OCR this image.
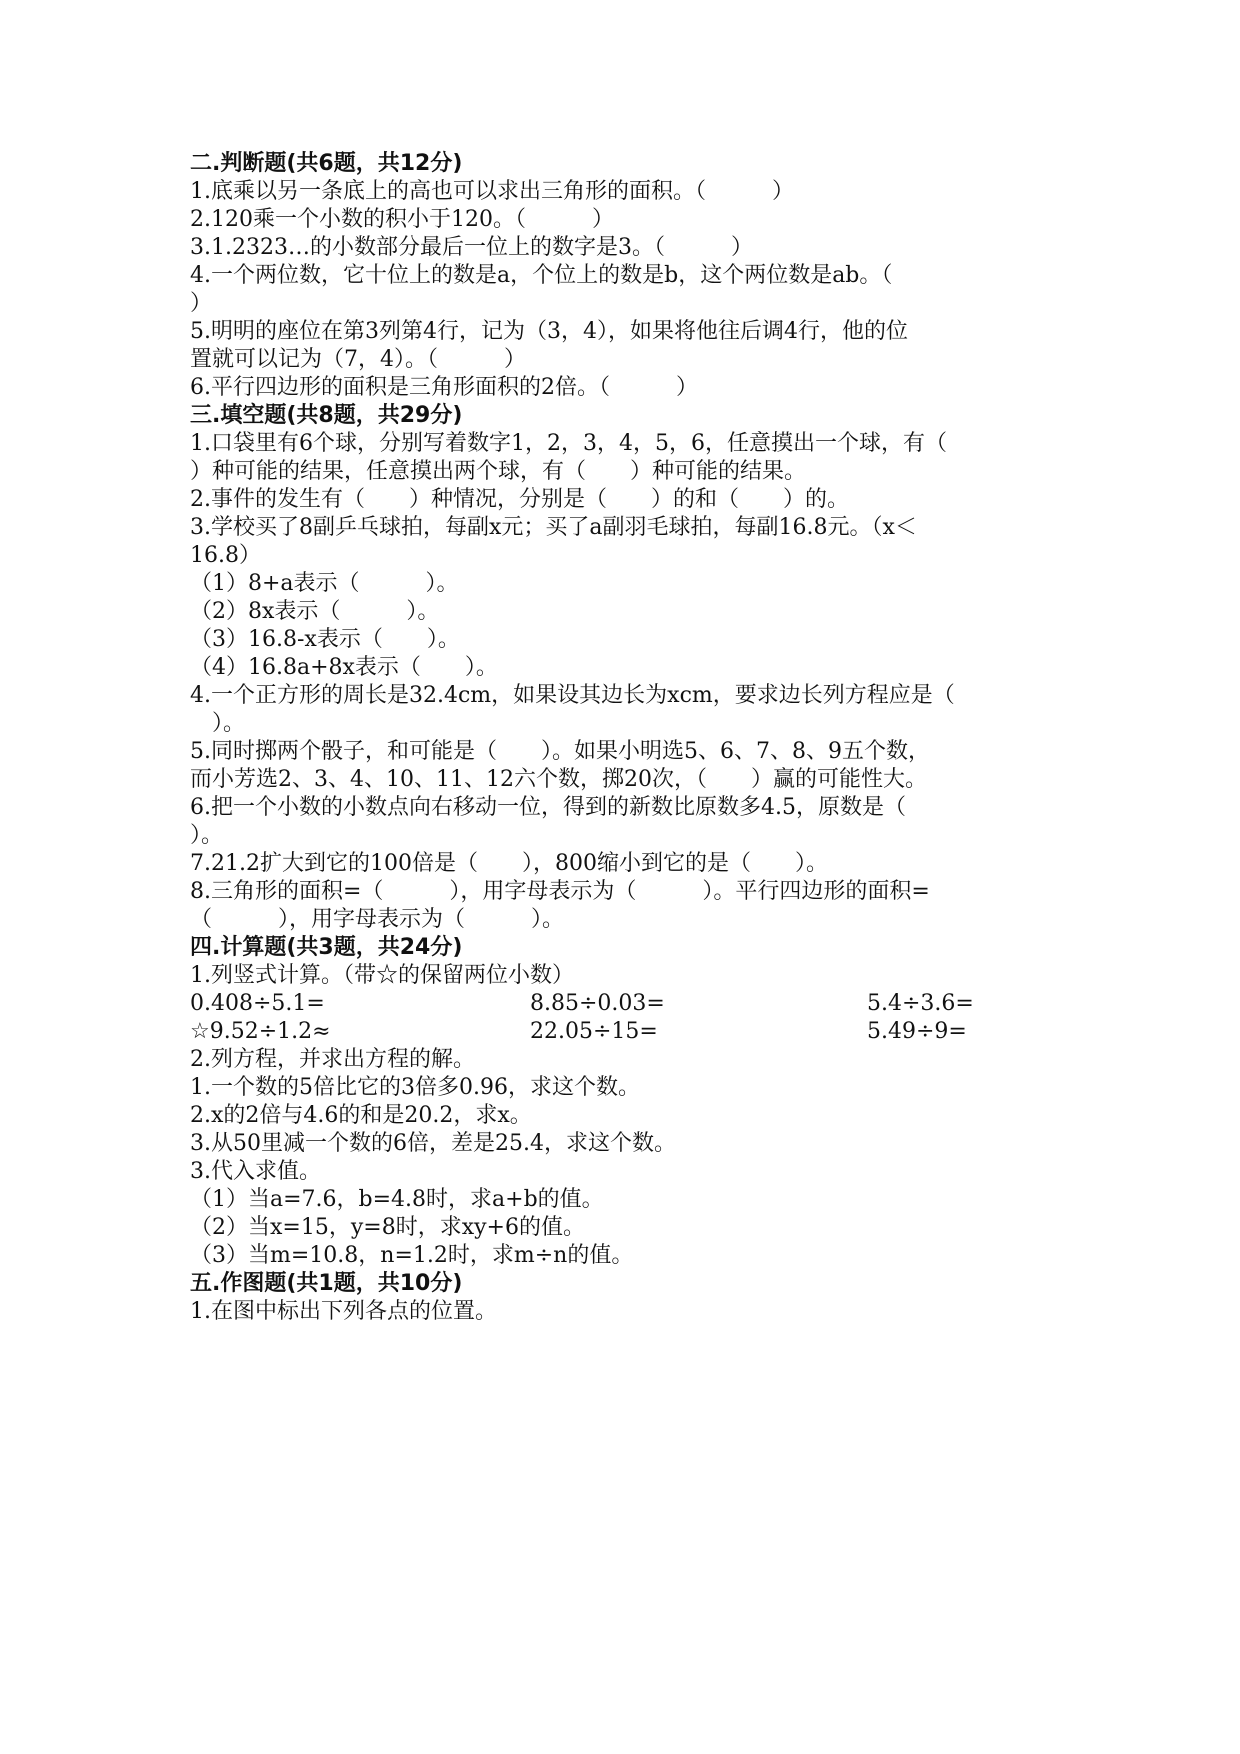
二.判断题(共6题，共12分)
1.底乘以另一条底上的高也可以求出三角形的面积。（　　　）
2.120乘一个小数的积小于120。（　　　）
3.1.2323…的小数部分最后一位上的数字是3。（　　　）
4.一个两位数，它十位上的数是a，个位上的数是b，这个两位数是ab。（
）
5.明明的座位在第3列第4行，记为（3，4），如果将他往后调4行，他的位
置就可以记为（7，4）。（　　　）
6.平行四边形的面积是三角形面积的2倍。（　　　）
三.填空题(共8题，共29分)
1.口袋里有6个球，分别写着数字1，2，3，4，5，6，任意摸出一个球，有（
）种可能的结果，任意摸出两个球，有（　　）种可能的结果。
2.事件的发生有（　　）种情况，分别是（　　）的和（　　）的。
3.学校买了8副乒乓球拍，每副x元；买了a副羽毛球拍，每副16.8元。（x＜
16.8）
（1）8+a表示（　　　）。
（2）8x表示（　　　）。
（3）16.8-x表示（　　）。
（4）16.8a+8x表示（　　）。
4.一个正方形的周长是32.4cm，如果设其边长为xcm，要求边长列方程应是（
　）。
5.同时掷两个骰子，和可能是（　　）。如果小明选5、6、7、8、9五个数，
而小芳选2、3、4、10、11、12六个数，掷20次，（　　）赢的可能性大。
6.把一个小数的小数点向右移动一位，得到的新数比原数多4.5，原数是（
）。
7.21.2扩大到它的100倍是（　　），800缩小到它的是（　　）。
8.三角形的面积=（　　　），用字母表示为（　　　）。平行四边形的面积=
（　　　），用字母表示为（　　　）。
四.计算题(共3题，共24分)
1.列竖式计算。（带☆的保留两位小数）
0.408÷5.1=	8.85÷0.03=	5.4÷3.6=
☆9.52÷1.2≈	22.05÷15=	5.49÷9=
2.列方程，并求出方程的解。
1.一个数的5倍比它的3倍多0.96，求这个数。
2.x的2倍与4.6的和是20.2，求x。
3.从50里减一个数的6倍，差是25.4，求这个数。
3.代入求值。
（1）当a=7.6，b=4.8时，求a+b的值。
（2）当x=15，y=8时，求xy+6的值。
（3）当m=10.8，n=1.2时，求m÷n的值。
五.作图题(共1题，共10分)
1.在图中标出下列各点的位置。
